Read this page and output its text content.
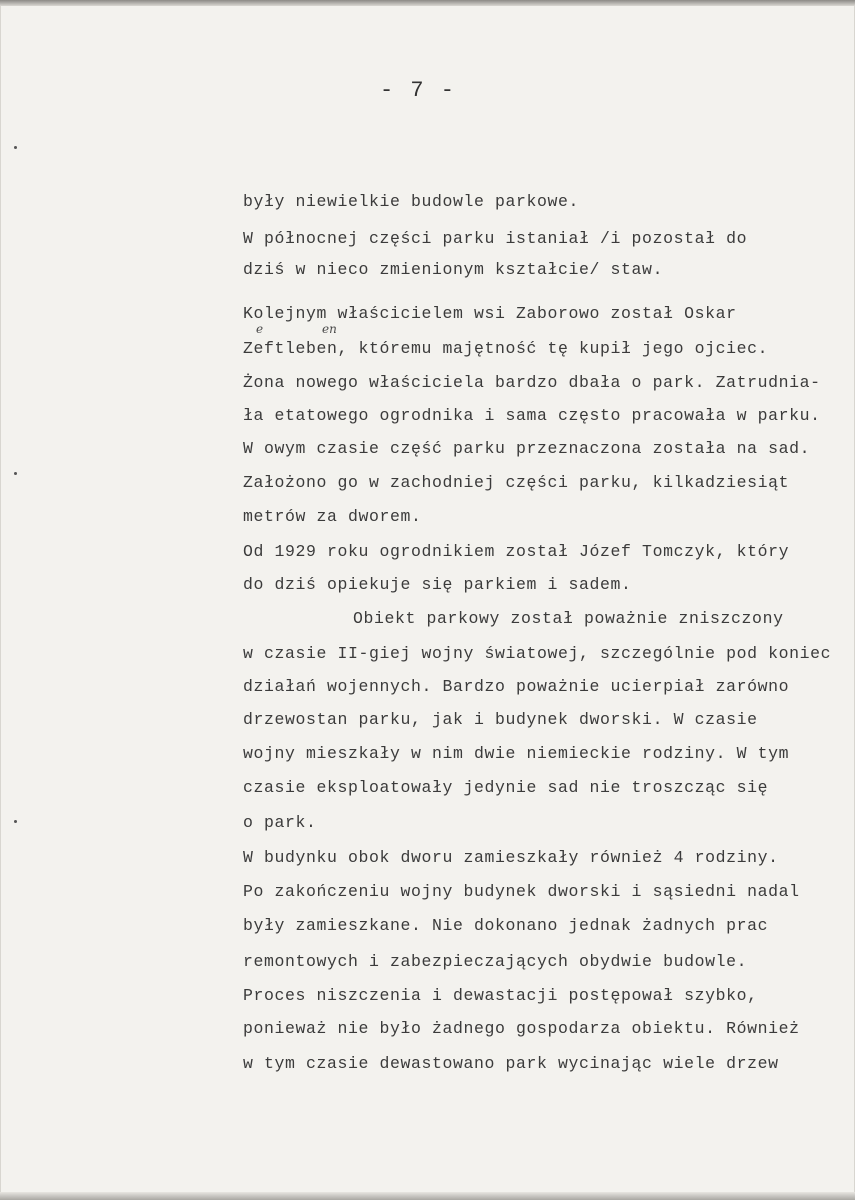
- 7 -
e	en
były niewielkie budowle parkowe.
W północnej części parku istaniał /i pozostał do
dziś w nieco zmienionym kształcie/ staw.
Kolejnym właścicielem wsi Zaborowo został Oskar
Zeftleben, któremu majętność tę kupił jego ojciec.
Żona nowego właściciela bardzo dbała o park. Zatrudnia-
ła etatowego ogrodnika i sama często pracowała w parku.
W owym czasie część parku przeznaczona została na sad.
Założono go w zachodniej części parku, kilkadziesiąt
metrów za dworem.
Od 1929 roku ogrodnikiem został Józef Tomczyk, który
do dziś opiekuje się parkiem i sadem.
Obiekt parkowy został poważnie zniszczony
w czasie II-giej wojny światowej, szczególnie pod koniec
działań wojennych. Bardzo poważnie ucierpiał zarówno
drzewostan parku, jak i budynek dworski. W czasie
wojny mieszkały w nim dwie niemieckie rodziny. W tym
czasie eksploatowały jedynie sad nie troszcząc się
o park.
W budynku obok dworu zamieszkały również 4 rodziny.
Po zakończeniu wojny budynek dworski i sąsiedni nadal
były zamieszkane. Nie dokonano jednak żadnych prac
remontowych i zabezpieczających obydwie budowle.
Proces niszczenia i dewastacji postępował szybko,
ponieważ nie było żadnego gospodarza obiektu. Również
w tym czasie dewastowano park wycinając wiele drzew
